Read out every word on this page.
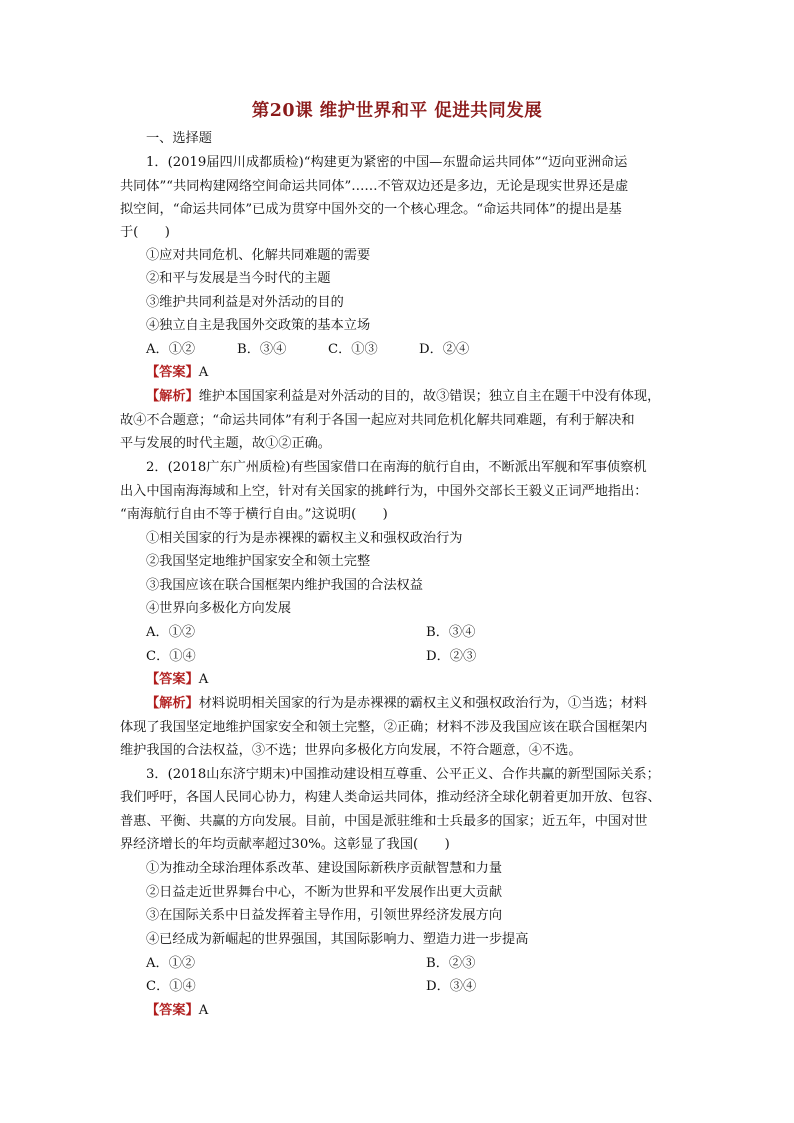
第20课 维护世界和平 促进共同发展
一、选择题
1．(2019届四川成都质检)“构建更为紧密的中国—东盟命运共同体”“迈向亚洲命运
共同体”“共同构建网络空间命运共同体”……不管双边还是多边，无论是现实世界还是虚
拟空间，“命运共同体”已成为贯穿中国外交的一个核心理念。“命运共同体”的提出是基
于(　　)
①应对共同危机、化解共同难题的需要
②和平与发展是当今时代的主题
③维护共同利益是对外活动的目的
④独立自主是我国外交政策的基本立场
A．①②	B．③④	C．①③	D．②④
【答案】A
【解析】维护本国国家利益是对外活动的目的，故③错误；独立自主在题干中没有体现，
故④不合题意；“命运共同体”有利于各国一起应对共同危机化解共同难题，有利于解决和
平与发展的时代主题，故①②正确。
2．(2018广东广州质检)有些国家借口在南海的航行自由，不断派出军舰和军事侦察机
出入中国南海海域和上空，针对有关国家的挑衅行为，中国外交部长王毅义正词严地指出：
“南海航行自由不等于横行自由。”这说明(　　)
①相关国家的行为是赤裸裸的霸权主义和强权政治行为
②我国坚定地维护国家安全和领土完整
③我国应该在联合国框架内维护我国的合法权益
④世界向多极化方向发展
A．①②	B．③④
C．①④	D．②③
【答案】A
【解析】材料说明相关国家的行为是赤裸裸的霸权主义和强权政治行为，①当选；材料
体现了我国坚定地维护国家安全和领土完整，②正确；材料不涉及我国应该在联合国框架内
维护我国的合法权益，③不选；世界向多极化方向发展，不符合题意，④不选。
3．(2018山东济宁期末)中国推动建设相互尊重、公平正义、合作共赢的新型国际关系；
我们呼吁，各国人民同心协力，构建人类命运共同体，推动经济全球化朝着更加开放、包容、
普惠、平衡、共赢的方向发展。目前，中国是派驻维和士兵最多的国家；近五年，中国对世
界经济增长的年均贡献率超过30%。这彰显了我国(　　)
①为推动全球治理体系改革、建设国际新秩序贡献智慧和力量
②日益走近世界舞台中心，不断为世界和平发展作出更大贡献
③在国际关系中日益发挥着主导作用，引领世界经济发展方向
④已经成为新崛起的世界强国，其国际影响力、塑造力进一步提高
A．①②	B．②③
C．①④	D．③④
【答案】A
